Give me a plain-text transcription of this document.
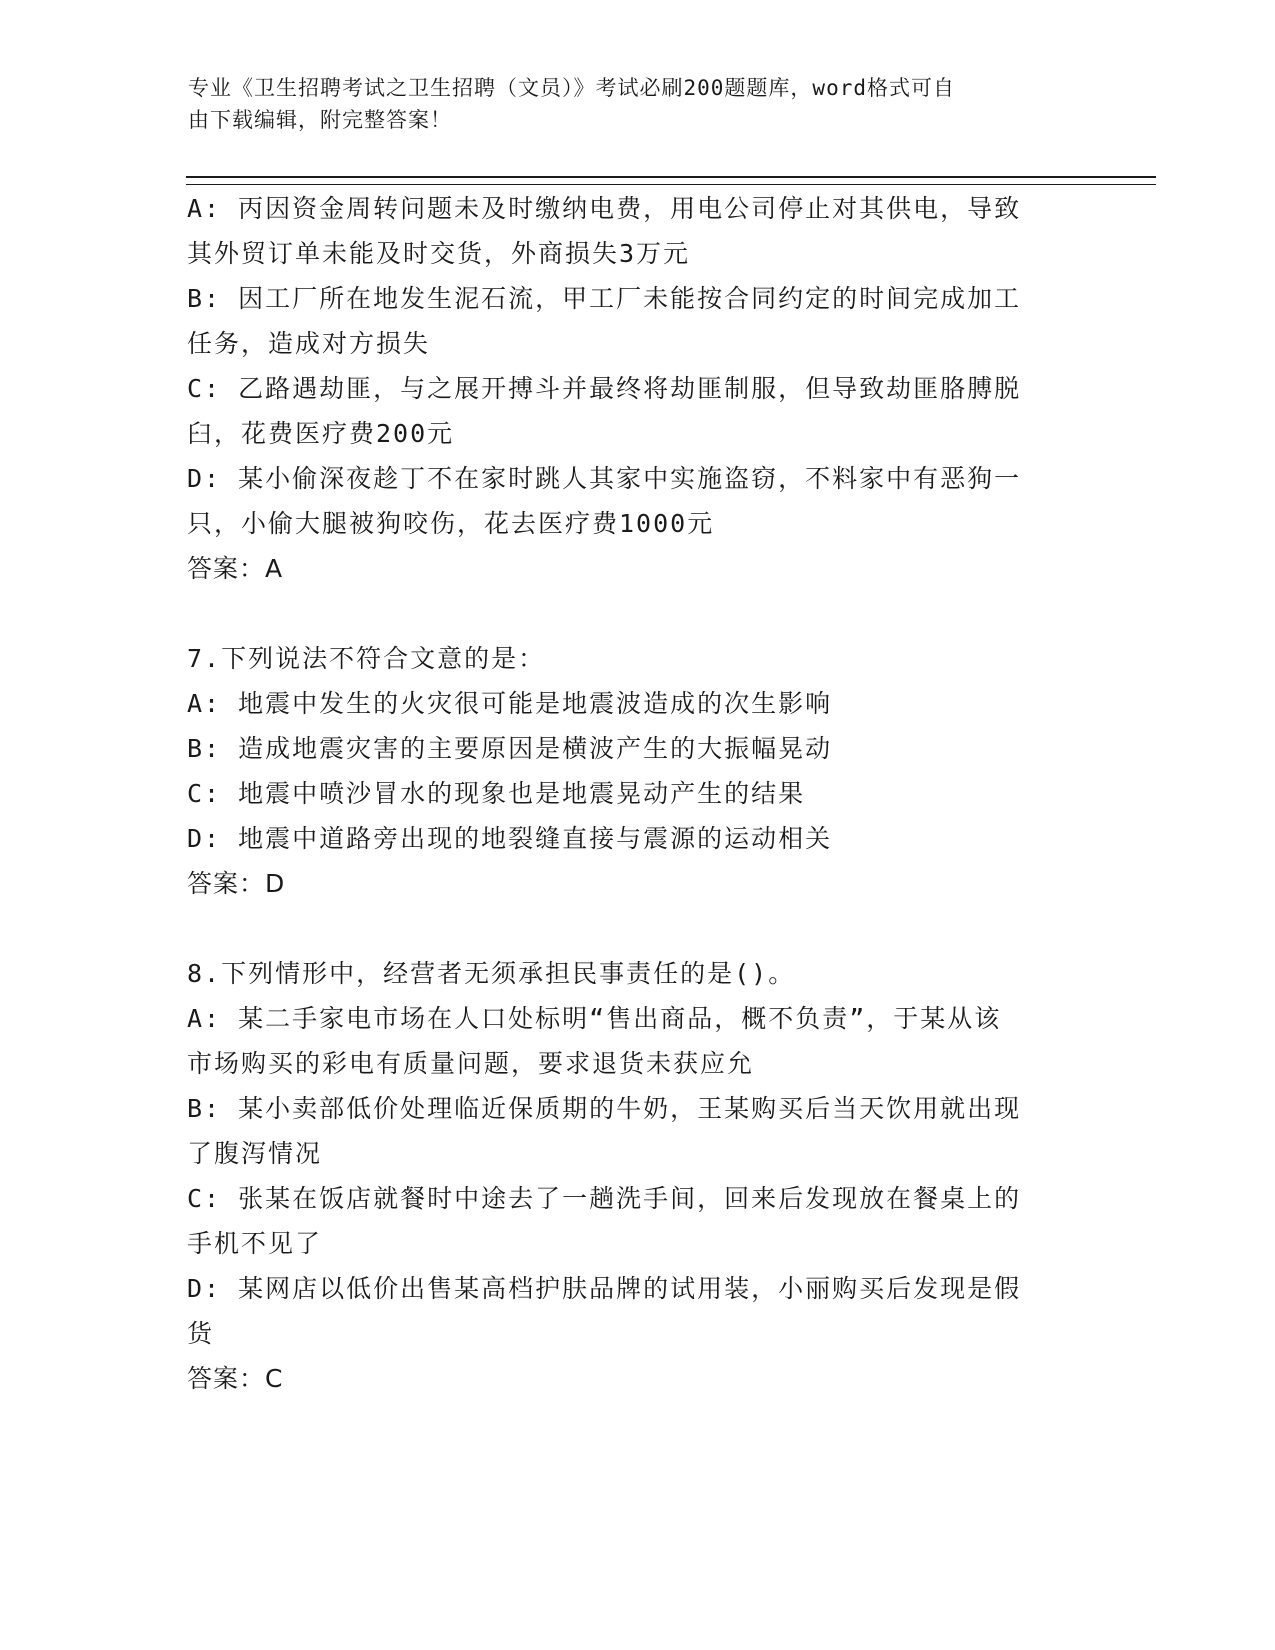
专业《卫生招聘考试之卫生招聘（文员）》考试必刷200题题库，word格式可自
由下载编辑，附完整答案！
A: 丙因资金周转问题未及时缴纳电费，用电公司停止对其供电，导致
其外贸订单未能及时交货，外商损失3万元
B: 因工厂所在地发生泥石流，甲工厂未能按合同约定的时间完成加工
任务，造成对方损失
C: 乙路遇劫匪，与之展开搏斗并最终将劫匪制服，但导致劫匪胳膊脱
臼，花费医疗费200元
D: 某小偷深夜趁丁不在家时跳人其家中实施盗窃，不料家中有恶狗一
只，小偷大腿被狗咬伤，花去医疗费1000元
答案：A
7.下列说法不符合文意的是：
A: 地震中发生的火灾很可能是地震波造成的次生影响
B: 造成地震灾害的主要原因是横波产生的大振幅晃动
C: 地震中喷沙冒水的现象也是地震晃动产生的结果
D: 地震中道路旁出现的地裂缝直接与震源的运动相关
答案：D
8.下列情形中，经营者无须承担民事责任的是()。
A: 某二手家电市场在人口处标明“售出商品，概不负责”，于某从该
市场购买的彩电有质量问题，要求退货未获应允
B: 某小卖部低价处理临近保质期的牛奶，王某购买后当天饮用就出现
了腹泻情况
C: 张某在饭店就餐时中途去了一趟洗手间，回来后发现放在餐桌上的
手机不见了
D: 某网店以低价出售某高档护肤品牌的试用装，小丽购买后发现是假
货
答案：C
